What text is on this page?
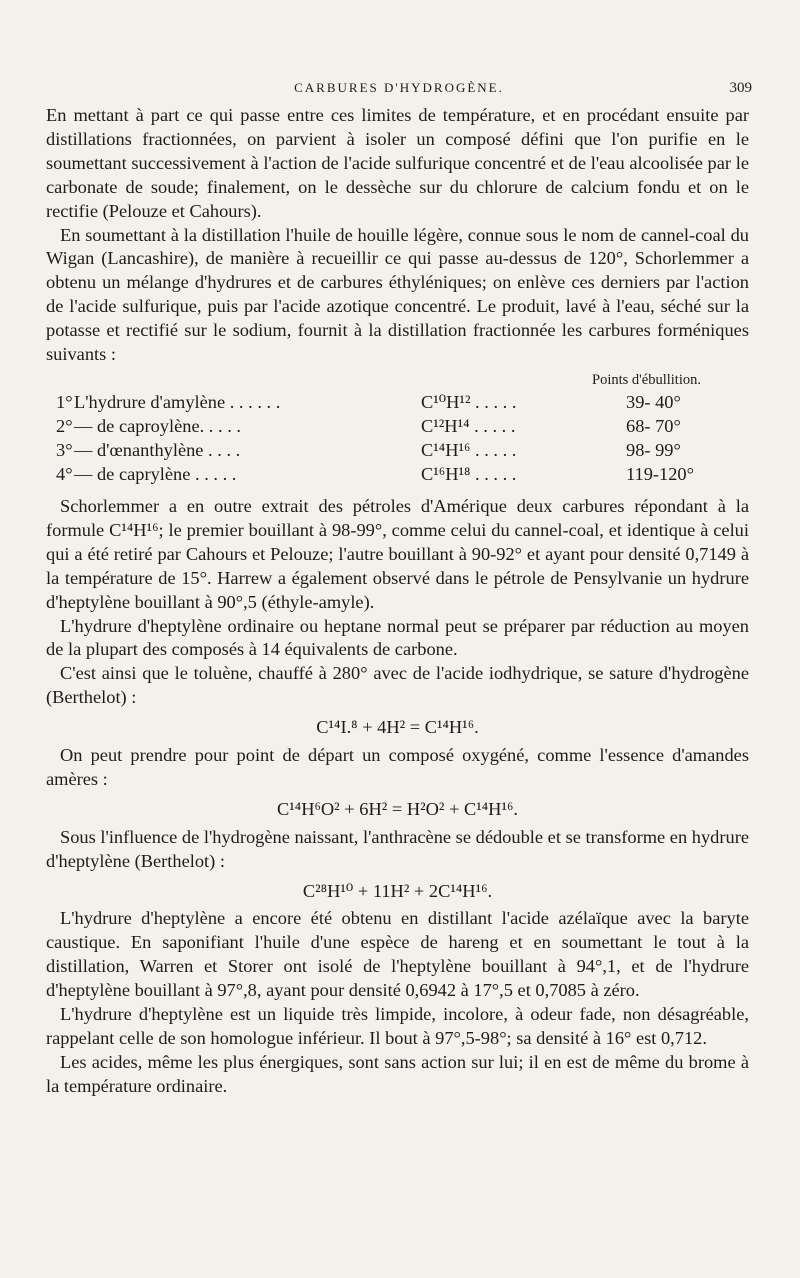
CARBURES D'HYDROGÈNE.	309

En mettant à part ce qui passe entre ces limites de température, et en procédant ensuite par distillations fractionnées, on parvient à isoler un composé défini que l'on purifie en le soumettant successivement à l'action de l'acide sulfurique concentré et de l'eau alcoolisée par le carbonate de soude; finalement, on le dessèche sur du chlorure de calcium fondu et on le rectifie (Pelouze et Cahours).

En soumettant à la distillation l'huile de houille légère, connue sous le nom de cannel-coal du Wigan (Lancashire), de manière à recueillir ce qui passe au-dessus de 120°, Schorlemmer a obtenu un mélange d'hydrures et de carbures éthyléniques; on enlève ces derniers par l'action de l'acide sulfurique, puis par l'acide azotique concentré. Le produit, lavé à l'eau, séché sur la potasse et rectifié sur le sodium, fournit à la distillation fractionnée les carbures forméniques suivants :

Points d'ébullition.
1° L'hydrure d'amylène . . . . . .	C¹⁰H¹² . . . . .	39- 40°
2° — de caproylène. . . . .	C¹²H¹⁴ . . . . .	68- 70°
3° — d'œnanthylène . . . .	C¹⁴H¹⁶ . . . . .	98- 99°
4° — de caprylène . . . . .	C¹⁶H¹⁸ . . . . .	119-120°

Schorlemmer a en outre extrait des pétroles d'Amérique deux carbures répondant à la formule C¹⁴H¹⁶; le premier bouillant à 98-99°, comme celui du cannel-coal, et identique à celui qui a été retiré par Cahours et Pelouze; l'autre bouillant à 90-92° et ayant pour densité 0,7149 à la température de 15°. Harrew a également observé dans le pétrole de Pensylvanie un hydrure d'heptylène bouillant à 90°,5 (éthyle-amyle).

L'hydrure d'heptylène ordinaire ou heptane normal peut se préparer par réduction au moyen de la plupart des composés à 14 équivalents de carbone.

C'est ainsi que le toluène, chauffé à 280° avec de l'acide iodhydrique, se sature d'hydrogène (Berthelot) :

C¹⁴I.⁸ + 4H² = C¹⁴H¹⁶.

On peut prendre pour point de départ un composé oxygéné, comme l'essence d'amandes amères :

C¹⁴H⁶O² + 6H² = H²O² + C¹⁴H¹⁶.

Sous l'influence de l'hydrogène naissant, l'anthracène se dédouble et se transforme en hydrure d'heptylène (Berthelot) :

C²⁸H¹⁰ + 11H² + 2C¹⁴H¹⁶.

L'hydrure d'heptylène a encore été obtenu en distillant l'acide azélaïque avec la baryte caustique. En saponifiant l'huile d'une espèce de hareng et en soumettant le tout à la distillation, Warren et Storer ont isolé de l'heptylène bouillant à 94°,1, et de l'hydrure d'heptylène bouillant à 97°,8, ayant pour densité 0,6942 à 17°,5 et 0,7085 à zéro.

L'hydrure d'heptylène est un liquide très limpide, incolore, à odeur fade, non désagréable, rappelant celle de son homologue inférieur. Il bout à 97°,5-98°; sa densité à 16° est 0,712.

Les acides, même les plus énergiques, sont sans action sur lui; il en est de même du brome à la température ordinaire.
